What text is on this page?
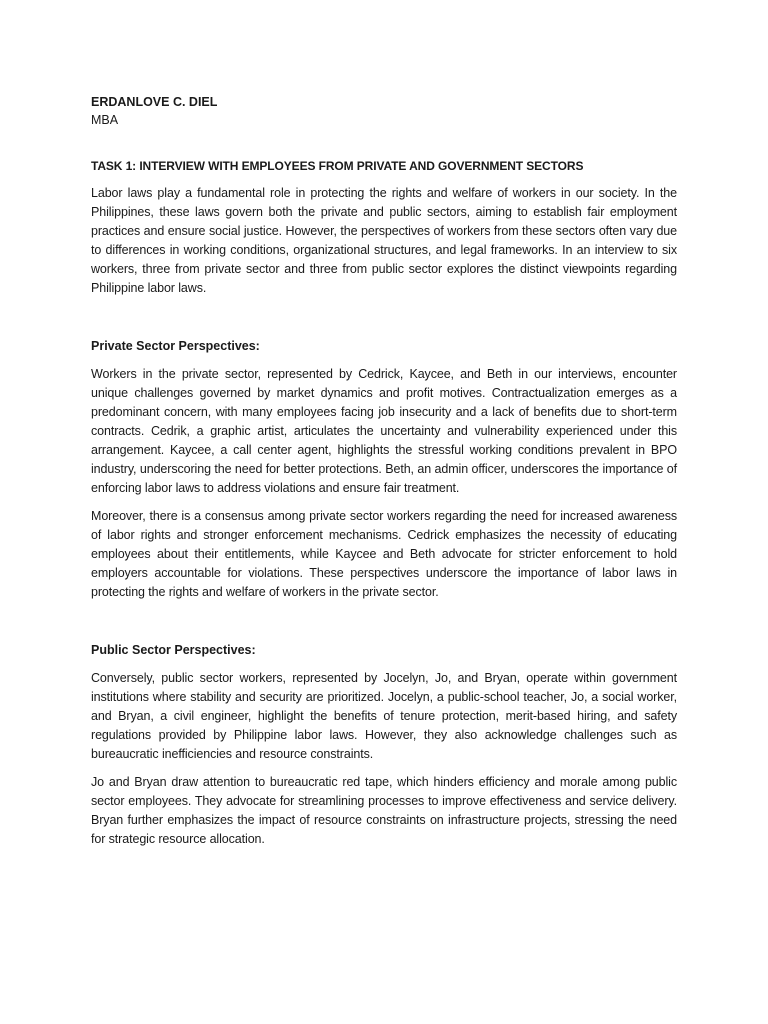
ERDANLOVE C. DIEL

MBA

TASK 1: INTERVIEW WITH EMPLOYEES FROM PRIVATE AND GOVERNMENT SECTORS

Labor laws play a fundamental role in protecting the rights and welfare of workers in our society. In the Philippines, these laws govern both the private and public sectors, aiming to establish fair employment practices and ensure social justice. However, the perspectives of workers from these sectors often vary due to differences in working conditions, organizational structures, and legal frameworks. In an interview to six workers, three from private sector and three from public sector explores the distinct viewpoints regarding Philippine labor laws.

Private Sector Perspectives:

Workers in the private sector, represented by Cedrick, Kaycee, and Beth in our interviews, encounter unique challenges governed by market dynamics and profit motives. Contractualization emerges as a predominant concern, with many employees facing job insecurity and a lack of benefits due to short-term contracts. Cedrik, a graphic artist, articulates the uncertainty and vulnerability experienced under this arrangement. Kaycee, a call center agent, highlights the stressful working conditions prevalent in BPO industry, underscoring the need for better protections. Beth, an admin officer, underscores the importance of enforcing labor laws to address violations and ensure fair treatment.

Moreover, there is a consensus among private sector workers regarding the need for increased awareness of labor rights and stronger enforcement mechanisms. Cedrick emphasizes the necessity of educating employees about their entitlements, while Kaycee and Beth advocate for stricter enforcement to hold employers accountable for violations. These perspectives underscore the importance of labor laws in protecting the rights and welfare of workers in the private sector.

Public Sector Perspectives:

Conversely, public sector workers, represented by Jocelyn, Jo, and Bryan, operate within government institutions where stability and security are prioritized. Jocelyn, a public-school teacher, Jo, a social worker, and Bryan, a civil engineer, highlight the benefits of tenure protection, merit-based hiring, and safety regulations provided by Philippine labor laws. However, they also acknowledge challenges such as bureaucratic inefficiencies and resource constraints.

Jo and Bryan draw attention to bureaucratic red tape, which hinders efficiency and morale among public sector employees. They advocate for streamlining processes to improve effectiveness and service delivery. Bryan further emphasizes the impact of resource constraints on infrastructure projects, stressing the need for strategic resource allocation.
